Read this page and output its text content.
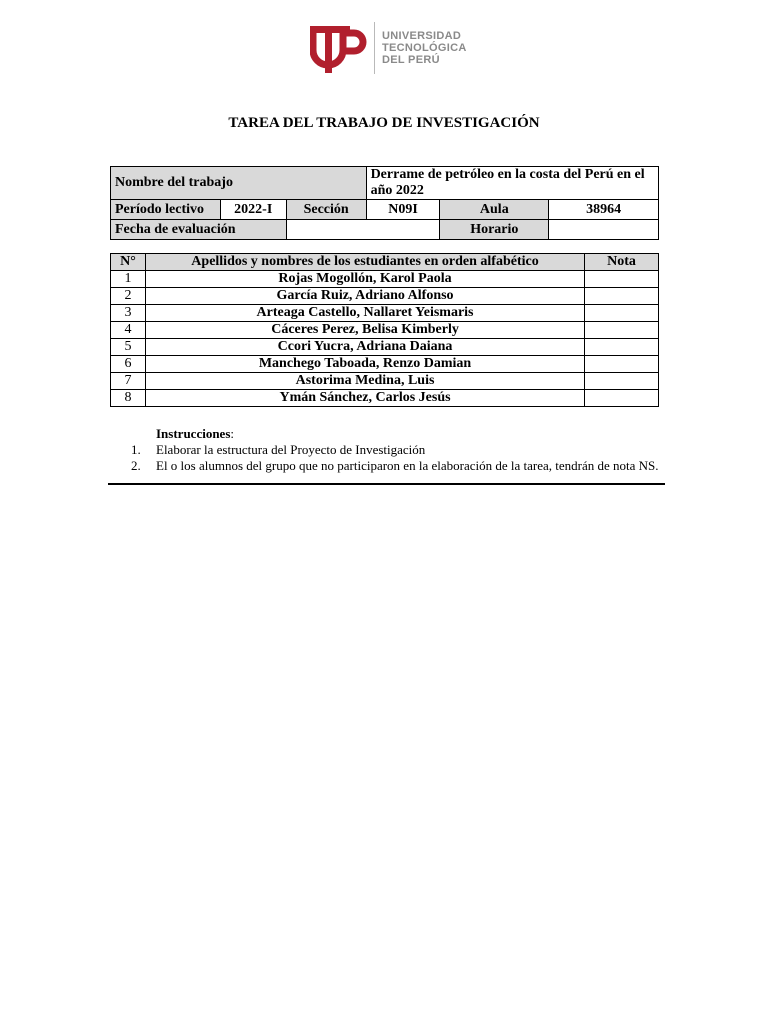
UNIVERSIDAD
TECNOLÓGICA
DEL PERÚ
TAREA DEL TRABAJO DE INVESTIGACIÓN
Nombre del trabajo			Derrame de petróleo en la costa del Perú en el año 2022		
Período lectivo	2022-I	Sección	N09I	Aula	38964
Fecha de evaluación				Horario	
N°	Apellidos y nombres de los estudiantes en orden alfabético	Nota
1	Rojas Mogollón, Karol Paola	
2	García Ruiz, Adriano Alfonso	
3	Arteaga Castello, Nallaret Yeismaris	
4	Cáceres Perez, Belisa Kimberly	
5	Ccori Yucra, Adriana Daiana	
6	Manchego Taboada, Renzo Damian	
7	Astorima Medina, Luis	
8	Ymán Sánchez, Carlos Jesús	
Instrucciones:
1.	Elaborar la estructura del Proyecto de Investigación
2.	El o los alumnos del grupo que no participaron en la elaboración de la tarea, tendrán de nota NS.
